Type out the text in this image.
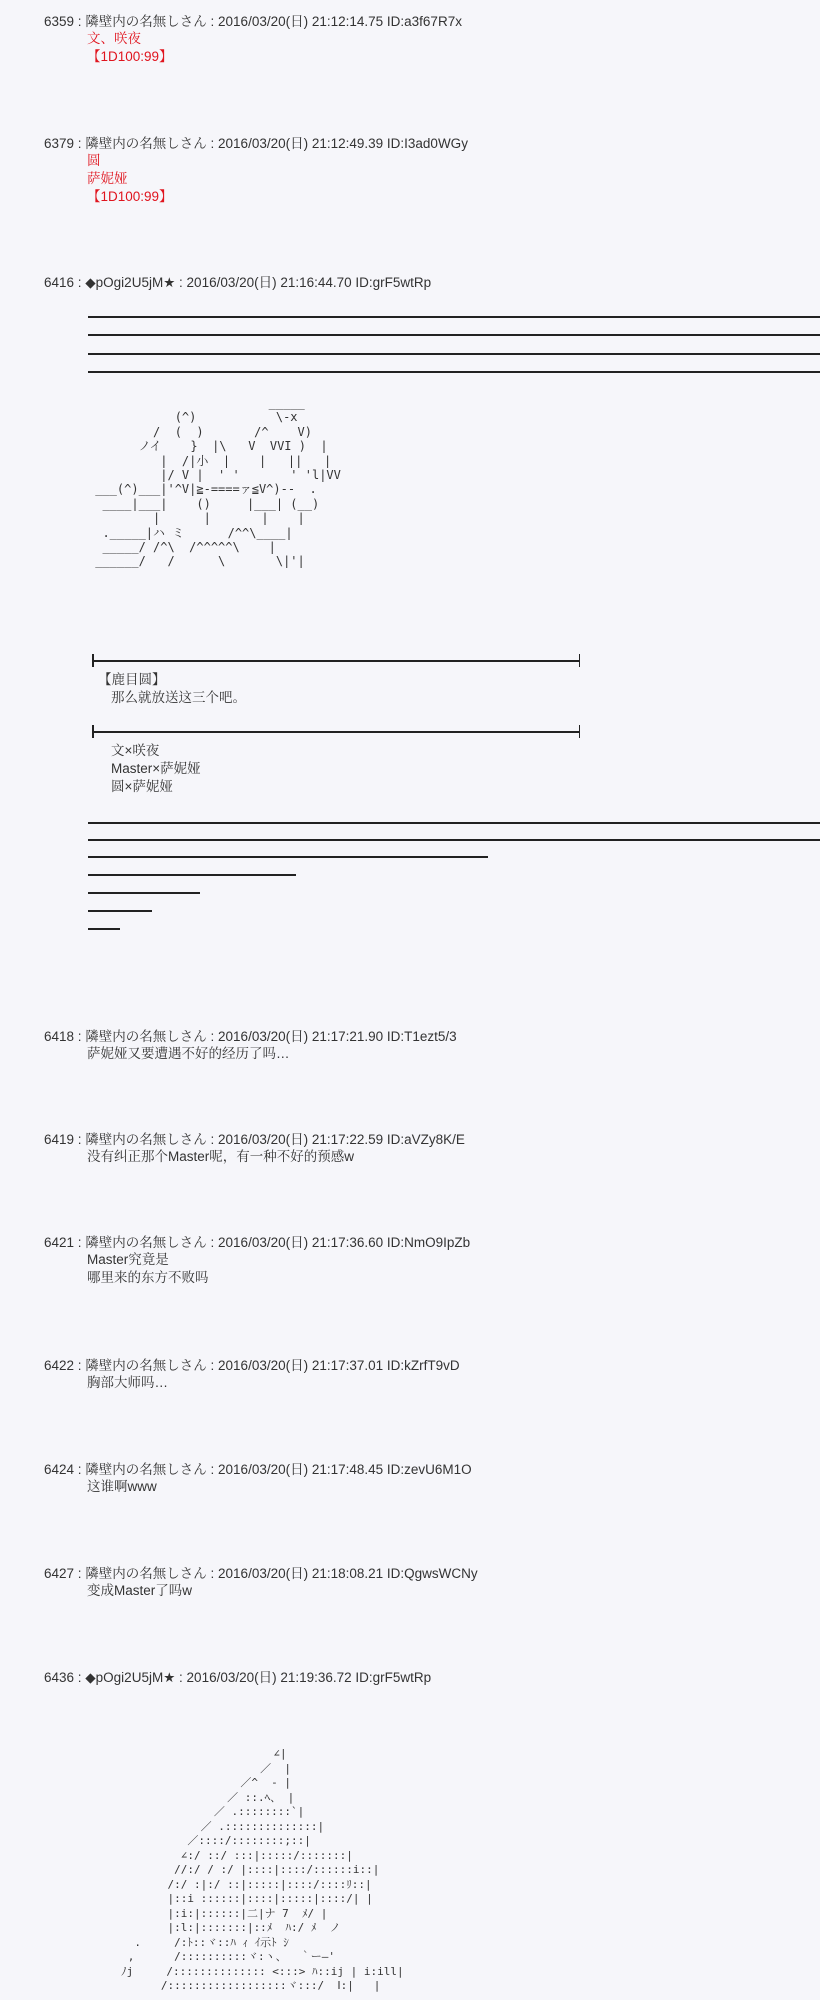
6359 : 隣壁内の名無しさん : 2016/03/20(日) 21:12:14.75 ID:a3f67R7x
文、咲夜
【1D100:99】
6379 : 隣壁内の名無しさん : 2016/03/20(日) 21:12:49.39 ID:I3ad0WGy
圆
萨妮娅
【1D100:99】
6416 : ◆pOgi2U5jM★ : 2016/03/20(日) 21:16:44.70 ID:grF5wtRp
_____
(^)           \-x
/  (  )       /^    V)
ノイ    }  |\   V  VVI )  |
|  /|小  |    |   ||   |
|/ V |  ' '       ' 'l|VV
___(^)___|'^V|≧-====ァ≦V^)--  .
____|___|    ()     |___| (__)
|      |       |    |
._____|ハ ミ      /^^\____|
_____/ /^\  /^^^^^\    |
______/   /      \       \|'|
【鹿目圆】
那么就放送这三个吧。
文×咲夜
Master×萨妮娅
圆×萨妮娅
6418 : 隣壁内の名無しさん : 2016/03/20(日) 21:17:21.90 ID:T1ezt5/3
萨妮娅又要遭遇不好的经历了吗…
6419 : 隣壁内の名無しさん : 2016/03/20(日) 21:17:22.59 ID:aVZy8K/E
没有纠正那个Master呢，有一种不好的预感w
6421 : 隣壁内の名無しさん : 2016/03/20(日) 21:17:36.60 ID:NmO9IpZb
Master究竟是
哪里来的东方不败吗
6422 : 隣壁内の名無しさん : 2016/03/20(日) 21:17:37.01 ID:kZrfT9vD
胸部大师吗…
6424 : 隣壁内の名無しさん : 2016/03/20(日) 21:17:48.45 ID:zevU6M1O
这谁啊www
6427 : 隣壁内の名無しさん : 2016/03/20(日) 21:18:08.21 ID:QgwsWCNy
变成Master了吗w
6436 : ◆pOgi2U5jM★ : 2016/03/20(日) 21:19:36.72 ID:grF5wtRp
∠|
／  |
／^  - |
／ ::.ﾍ、 |
／ .::::::::`|
／ .::::::::::::::|
／::::/::::::::;::|
∠:/ ::/ :::|:::::/:::::::|
//:/ / :/ |::::|::::/::::::i::|
/:/ :|:/ ::|:::::|::::/::::ﾘ::|
|::i ::::::|::::|:::::|::::/| |
|:i:|::::::|二|ナ 7  ﾒ/ |
|:l:|:::::::|::ﾒ  ﾊ:/ ﾒ  ノ
.     /:ﾄ::ヾ::ﾊ ｨ ｲ示ﾄ ｼ
,      /::::::::::ヾ:ヽ、  ｀ー―'
ﾉj     /:::::::::::::: <:::> ﾊ::ij | i:ill|
/::::::::::::::::::ヾ:::/  Ⅰ:|   |
